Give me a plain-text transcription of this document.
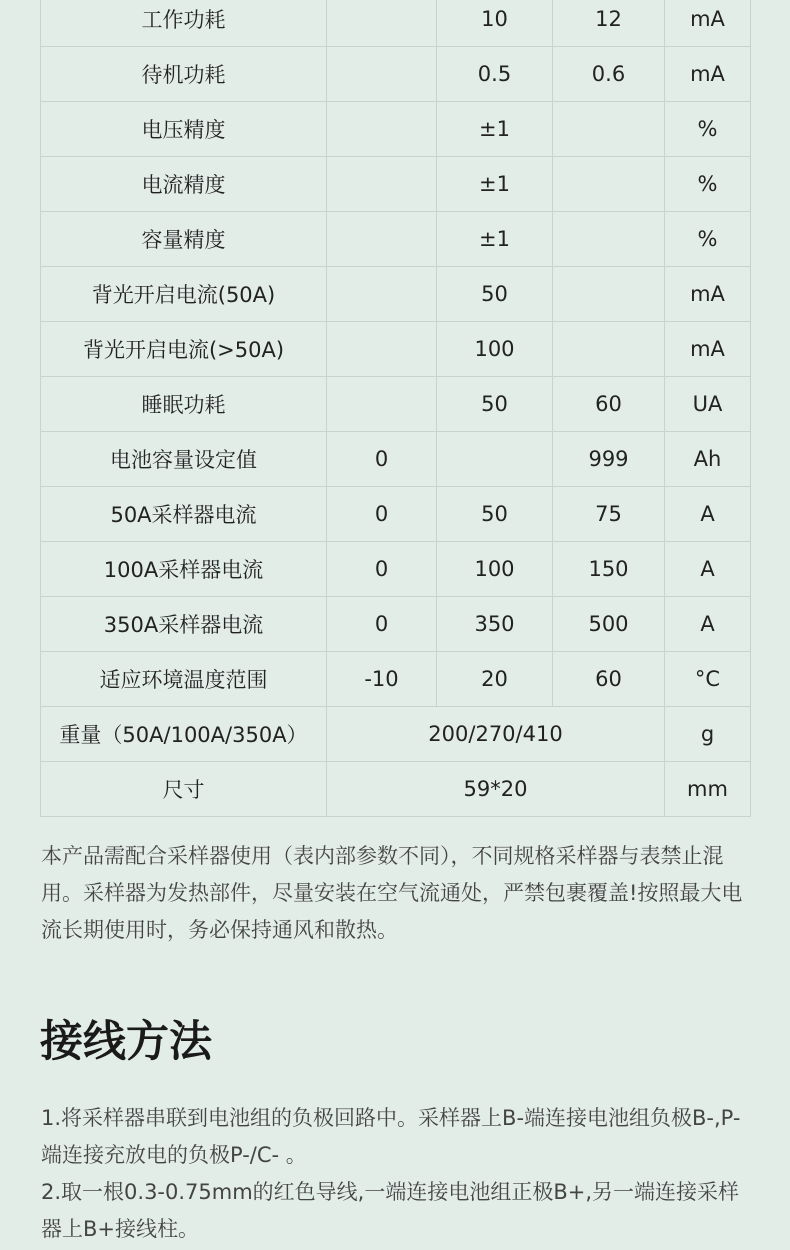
工作功耗		10	12	mA
待机功耗		0.5	0.6	mA
电压精度		±1		%
电流精度		±1		%
容量精度		±1		%
背光开启电流(50A)		50		mA
背光开启电流(>50A)		100		mA
睡眠功耗		50	60	UA
电池容量设定值	0		999	Ah
50A采样器电流	0	50	75	A
100A采样器电流	0	100	150	A
350A采样器电流	0	350	500	A
适应环境温度范围	-10	20	60	°C
重量（50A/100A/350A）	200/270/410			g
尺寸	59*20			mm

本产品需配合采样器使用（表内部参数不同），不同规格采样器与表禁止混用。采样器为发热部件，尽量安装在空气流通处，严禁包裹覆盖!按照最大电流长期使用时，务必保持通风和散热。

接线方法

1.将采样器串联到电池组的负极回路中。采样器上B-端连接电池组负极B-,P-端连接充放电的负极P-/C- 。

2.取一根0.3-0.75mm的红色导线,一端连接电池组正极B+,另一端连接采样器上B+接线柱。
